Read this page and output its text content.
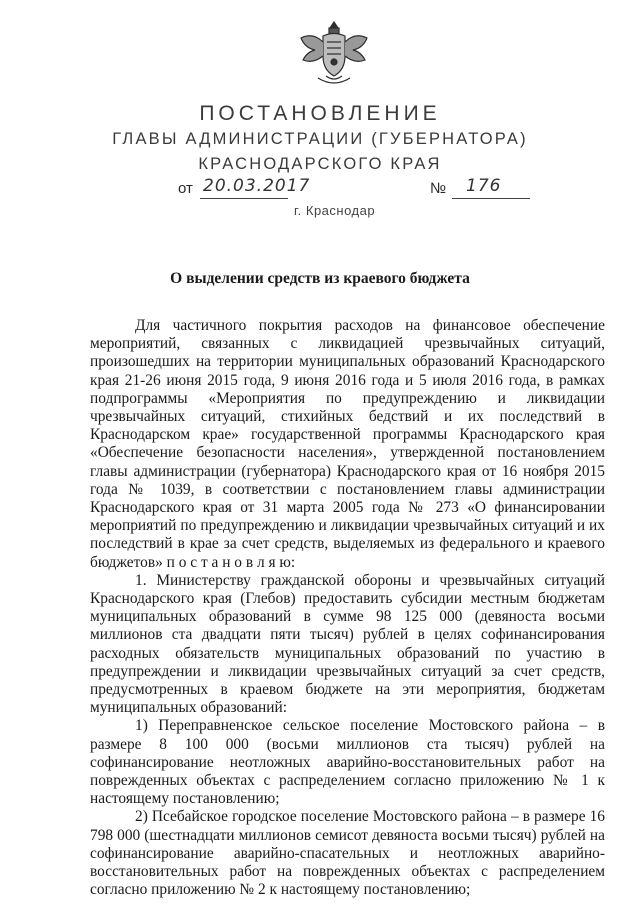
ПОСТАНОВЛЕНИЕ
ГЛАВЫ АДМИНИСТРАЦИИ (ГУБЕРНАТОРА)
КРАСНОДАРСКОГО КРАЯ
от 20.03.2017	№ 176
г. Краснодар
О выделении средств из краевого бюджета

Для частичного покрытия расходов на финансовое обеспечение мероприятий, связанных с ликвидацией чрезвычайных ситуаций, произошедших на территории муниципальных образований Краснодарского края 21-26 июня 2015 года, 9 июня 2016 года и 5 июля 2016 года, в рамках подпрограммы «Мероприятия по предупреждению и ликвидации чрезвычайных ситуаций, стихийных бедствий и их последствий в Краснодарском крае» государственной программы Краснодарского края «Обеспечение безопасности населения», утвержденной постановлением главы администрации (губернатора) Краснодарского края от 16 ноября 2015 года № 1039, в соответствии с постановлением главы администрации Краснодарского края от 31 марта 2005 года № 273 «О финансировании мероприятий по предупреждению и ликвидации чрезвычайных ситуаций и их последствий в крае за счет средств, выделяемых из федерального и краевого бюджетов» п о с т а н о в л я ю:

1. Министерству гражданской обороны и чрезвычайных ситуаций Краснодарского края (Глебов) предоставить субсидии местным бюджетам муниципальных образований в сумме 98 125 000 (девяноста восьми миллионов ста двадцати пяти тысяч) рублей в целях софинансирования расходных обязательств муниципальных образований по участию в предупреждении и ликвидации чрезвычайных ситуаций за счет средств, предусмотренных в краевом бюджете на эти мероприятия, бюджетам муниципальных образований:

1) Переправненское сельское поселение Мостовского района – в размере 8 100 000 (восьми миллионов ста тысяч) рублей на софинансирование неотложных аварийно-восстановительных работ на поврежденных объектах с распределением согласно приложению № 1 к настоящему постановлению;

2) Псебайское городское поселение Мостовского района – в размере 16 798 000 (шестнадцати миллионов семисот девяноста восьми тысяч) рублей на софинансирование аварийно-спасательных и неотложных аварийно-восстановительных работ на поврежденных объектах с распределением согласно приложению № 2 к настоящему постановлению;
